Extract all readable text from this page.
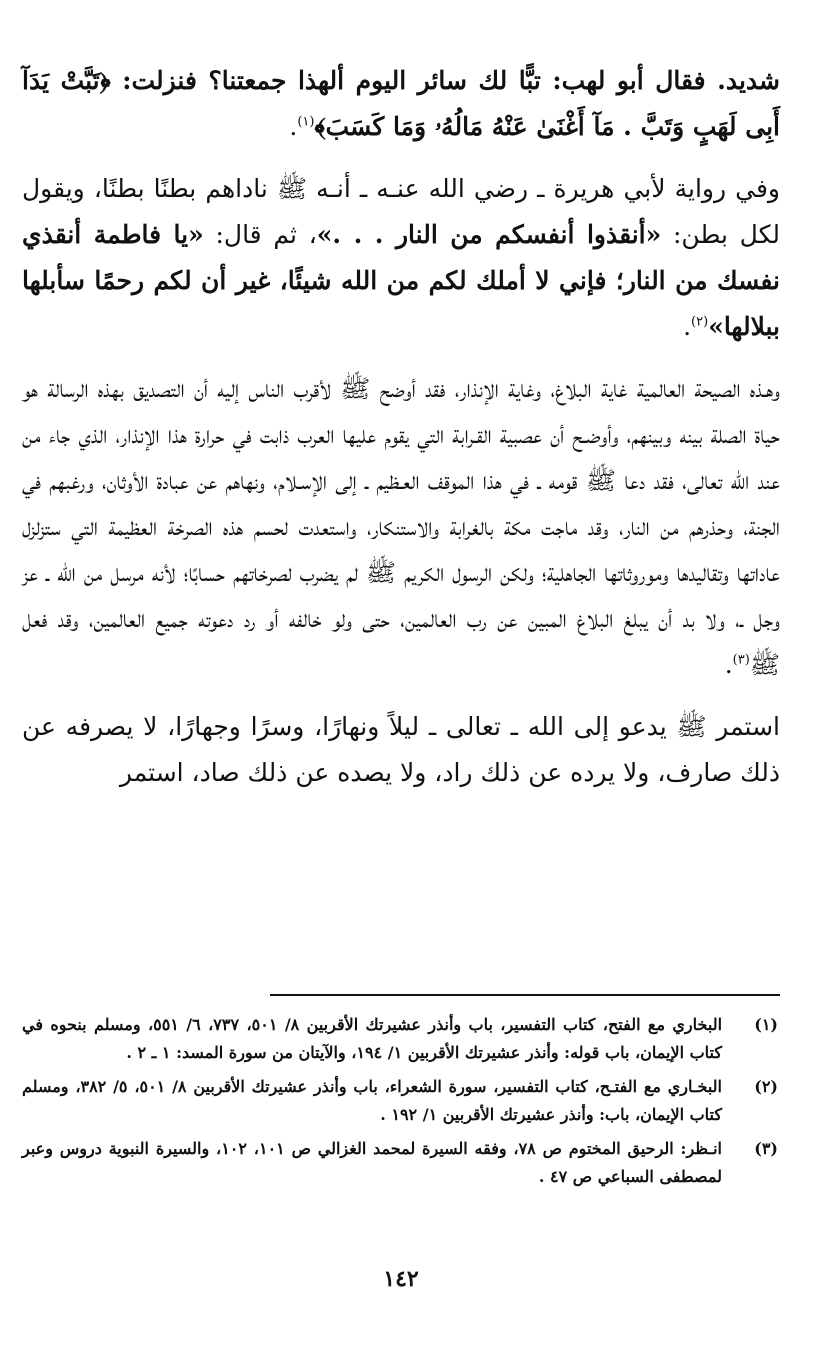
شديد. فقال أبو لهب: تبًّا لك سائر اليوم ألهذا جمعتنا؟ فنزلت: ﴿تَبَّتْ يَدَآ أَبِى لَهَبٍ وَتَبَّ . مَآ أَغْنَىٰ عَنْهُ مَالُهُۥ وَمَا كَسَبَ﴾$^{(١)}$.

وفي رواية لأبي هريرة ـ رضي الله عنـه ـ أنـه ﷺ ناداهم بطنًا بطنًا، ويقول لكل بطن: «أنقذوا أنفسكم من النار . . .»، ثم قال: «يا فاطمة أنقذي نفسك من النار؛ فإني لا أملك لكم من الله شيئًا، غير أن لكم رحمًا سأبلها ببلالها»$^{(٢)}$.

وهـذه الصيحة العالمية غاية البلاغ، وغاية الإنذار، فقد أوضح ﷺ لأقرب الناس إليه أن التصديق بهذه الرسالة هو حياة الصلة بينه وبينهم، وأوضـح أن عصبية القـرابة التي يقوم عليها العرب ذابت في حرارة هذا الإنذار، الذي جاء من عند الله تعالى، فقد دعا ﷺ قومه ـ في هذا الموقف العـظيم ـ إلى الإسـلام، ونهاهم عن عبادة الأوثان، ورغبهم في الجنة، وحذرهم من النار، وقد ماجت مكة بالغرابة والاستنكار، واستعدت لحسم هذه الصرخة العظيمة التي ستزلزل عاداتها وتقاليدها وموروثاتها الجاهلية؛ ولكن الرسول الكريم ﷺ لم يضرب لصرخاتهم حسابًا؛ لأنه مرسل من الله ـ عز وجل ـ، ولا بد أن يبلغ البلاغ المبين عن رب العالمين، حتى ولو خالفه أو رد دعوته جميع العالمين، وقد فعل ﷺ$^{(٣)}$.

استمر ﷺ يدعو إلى الله ـ تعالى ـ ليلاً ونهارًا، وسرًا وجهارًا، لا يصرفه عن ذلك صارف، ولا يرده عن ذلك راد، ولا يصده عن ذلك صاد، استمر

(١)
البخاري مع الفتح، كتاب التفسير، باب وأنذر عشيرتك الأقربين ٨/ ٥٠١، ٧٣٧، ٦/ ٥٥١، ومسلم بنحوه في كتاب الإيمان، باب قوله: وأنذر عشيرتك الأقربين ١/ ١٩٤، والآيتان من سورة المسد: ١ ـ ٢ .
(٢)
البخـاري مع الفتـح، كتاب التفسير، سورة الشعراء، باب وأنذر عشيرتك الأقربين ٨/ ٥٠١، ٥/ ٣٨٢، ومسلم كتاب الإيمان، باب: وأنذر عشيرتك الأقربين ١/ ١٩٢ .
(٣)
انـظر: الرحيق المختوم ص ٧٨، وفقه السيرة لمحمد الغزالي ص ١٠١، ١٠٢، والسيرة النبوية دروس وعبر لمصطفى السباعي ص ٤٧ .
١٤٢
